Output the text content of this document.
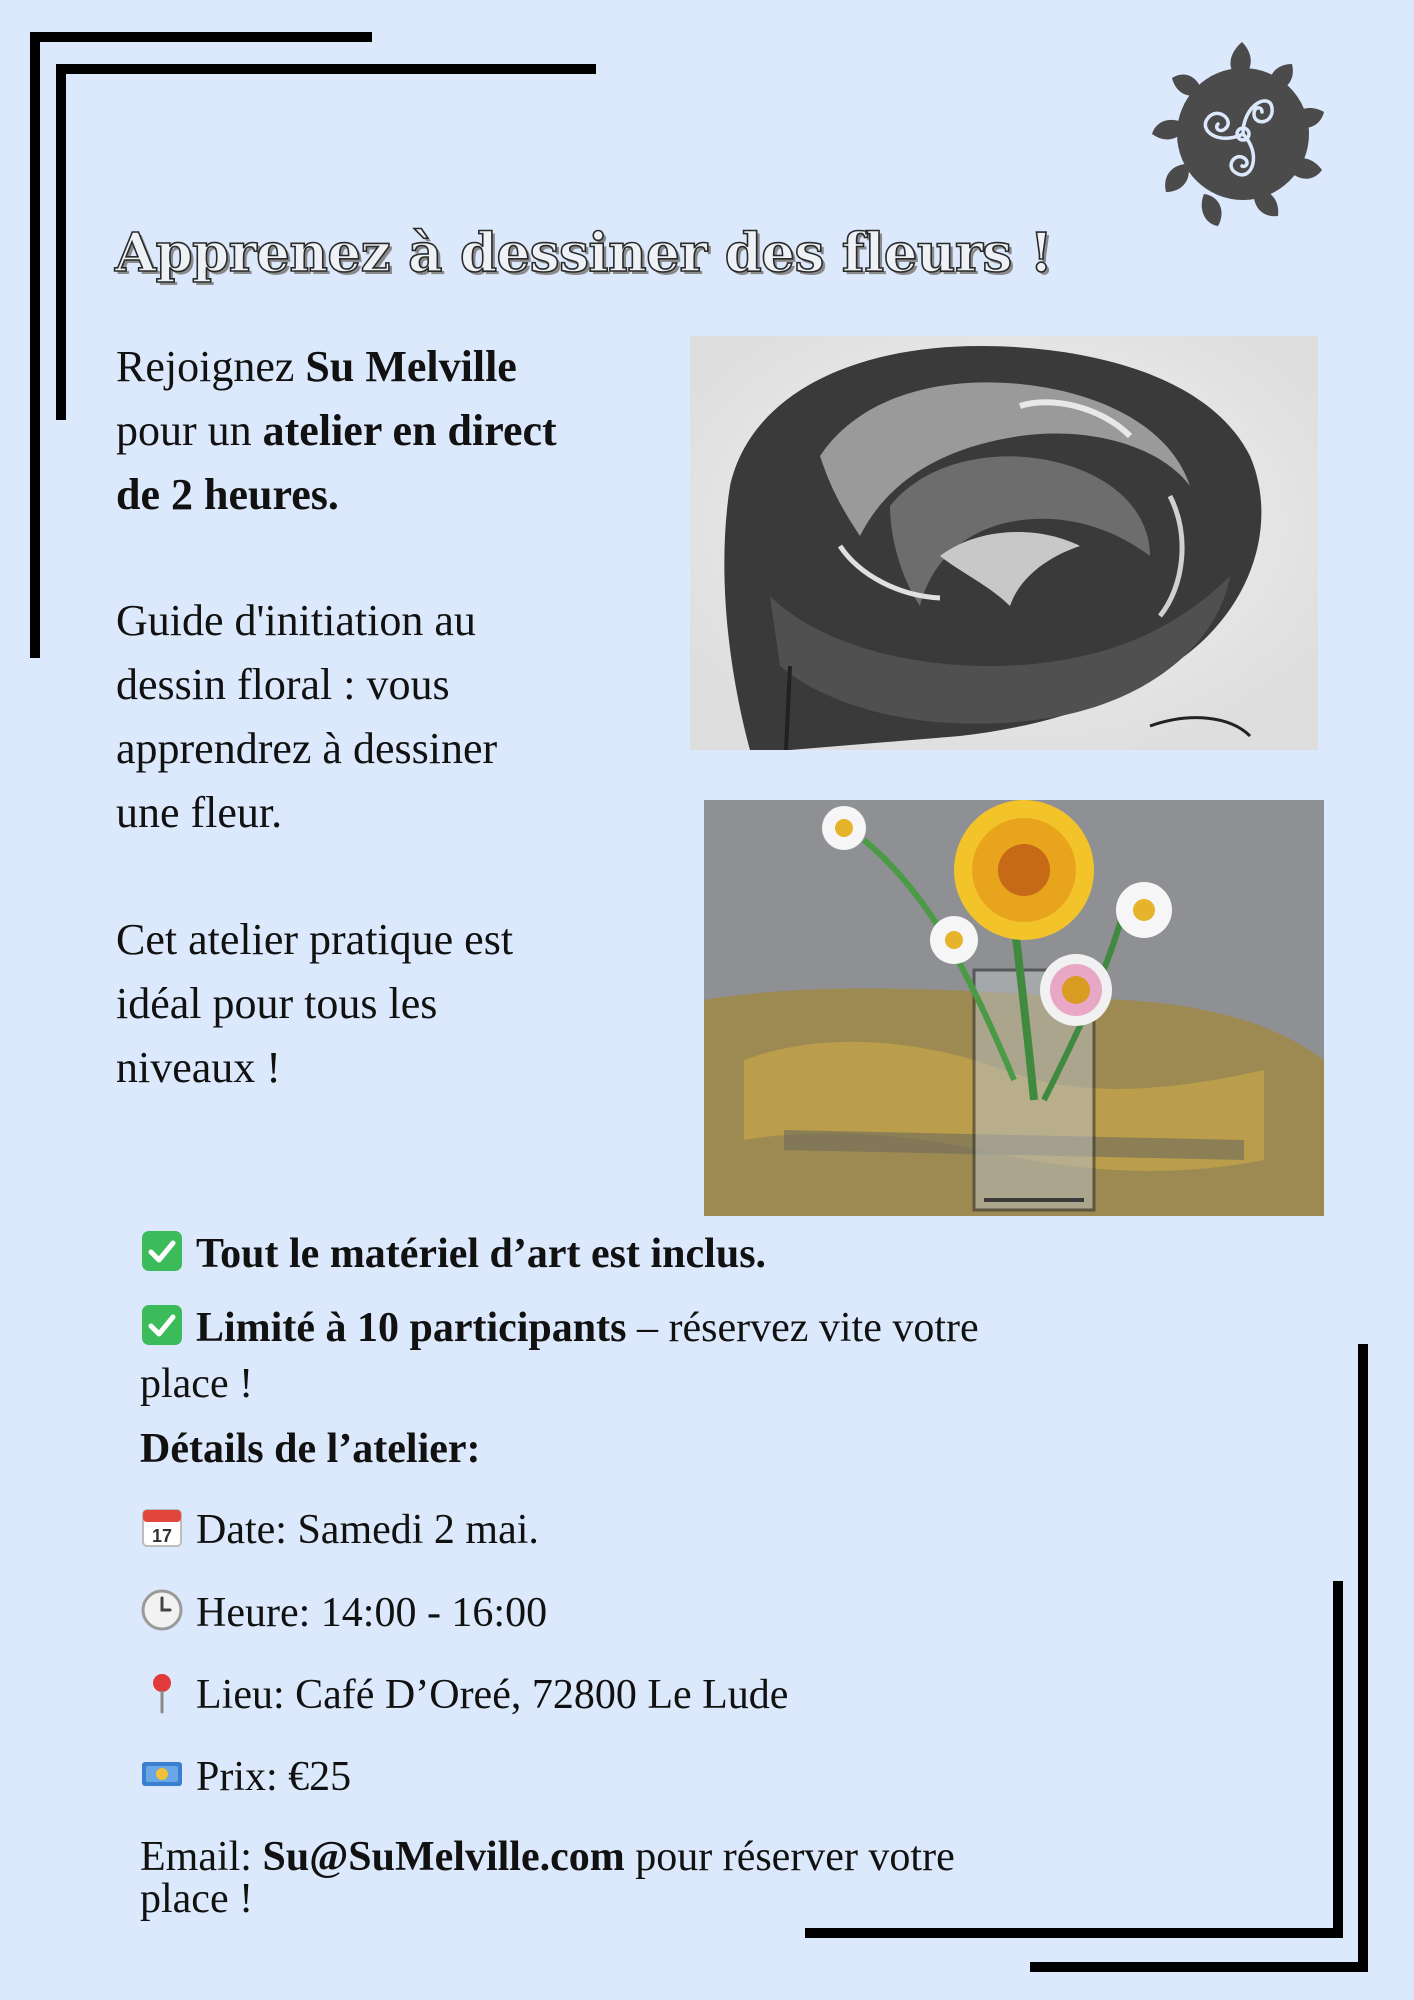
Apprenez à dessiner des fleurs !

Rejoignez Su Melville
pour un atelier en direct
de 2 heures.

Guide d'initiation au
dessin floral : vous
apprendrez à dessiner
une fleur.

Cet atelier pratique est
idéal pour tous les
niveaux !

Tout le matériel d’art est inclus.
Limité à 10 participants – réservez vite votre
place !
Détails de l’atelier:
17 Date: Samedi 2 mai.
Heure: 14:00 - 16:00
Lieu: Café D’Oreé, 72800 Le Lude
Prix: €25
Email: Su@SuMelville.com pour réserver votre
place !
